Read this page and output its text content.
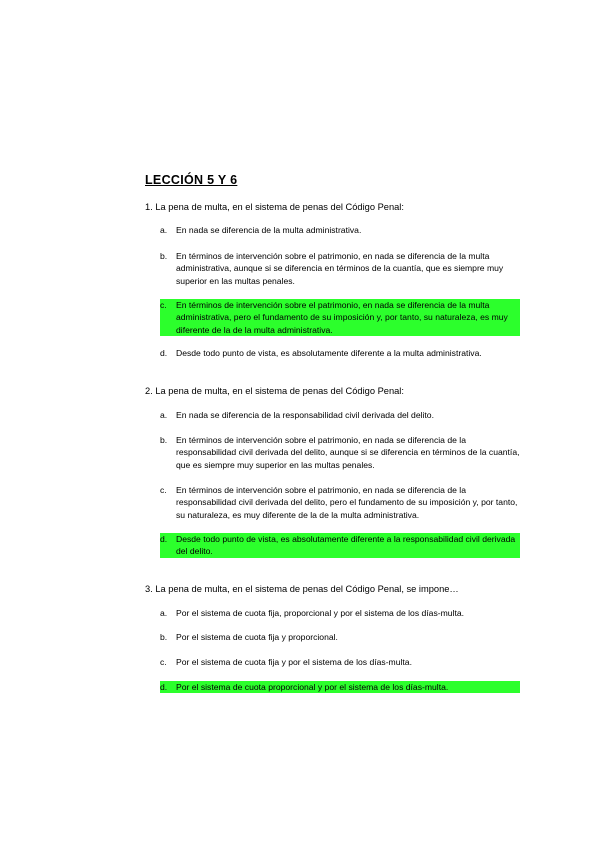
LECCIÓN 5 Y 6
1. La pena de multa, en el sistema de penas del Código Penal:
a. En nada se diferencia de la multa administrativa.
b. En términos de intervención sobre el patrimonio, en nada se diferencia de la multa administrativa, aunque si se diferencia en términos de la cuantía, que es siempre muy superior en las multas penales.
c. En términos de intervención sobre el patrimonio, en nada se diferencia de la multa administrativa, pero el fundamento de su imposición y, por tanto, su naturaleza, es muy diferente de la de la multa administrativa.
d. Desde todo punto de vista, es absolutamente diferente a la multa administrativa.
2. La pena de multa, en el sistema de penas del Código Penal:
a. En nada se diferencia de la responsabilidad civil derivada del delito.
b. En términos de intervención sobre el patrimonio, en nada se diferencia de la responsabilidad civil derivada del delito, aunque si se diferencia en términos de la cuantía, que es siempre muy superior en las multas penales.
c. En términos de intervención sobre el patrimonio, en nada se diferencia de la responsabilidad civil derivada del delito, pero el fundamento de su imposición y, por tanto, su naturaleza, es muy diferente de la de la multa administrativa.
d. Desde todo punto de vista, es absolutamente diferente a la responsabilidad civil derivada del delito.
3. La pena de multa, en el sistema de penas del Código Penal, se impone…
a. Por el sistema de cuota fija, proporcional y por el sistema de los días-multa.
b. Por el sistema de cuota fija y proporcional.
c. Por el sistema de cuota fija y por el sistema de los días-multa.
d. Por el sistema de cuota proporcional y por el sistema de los días-multa.
